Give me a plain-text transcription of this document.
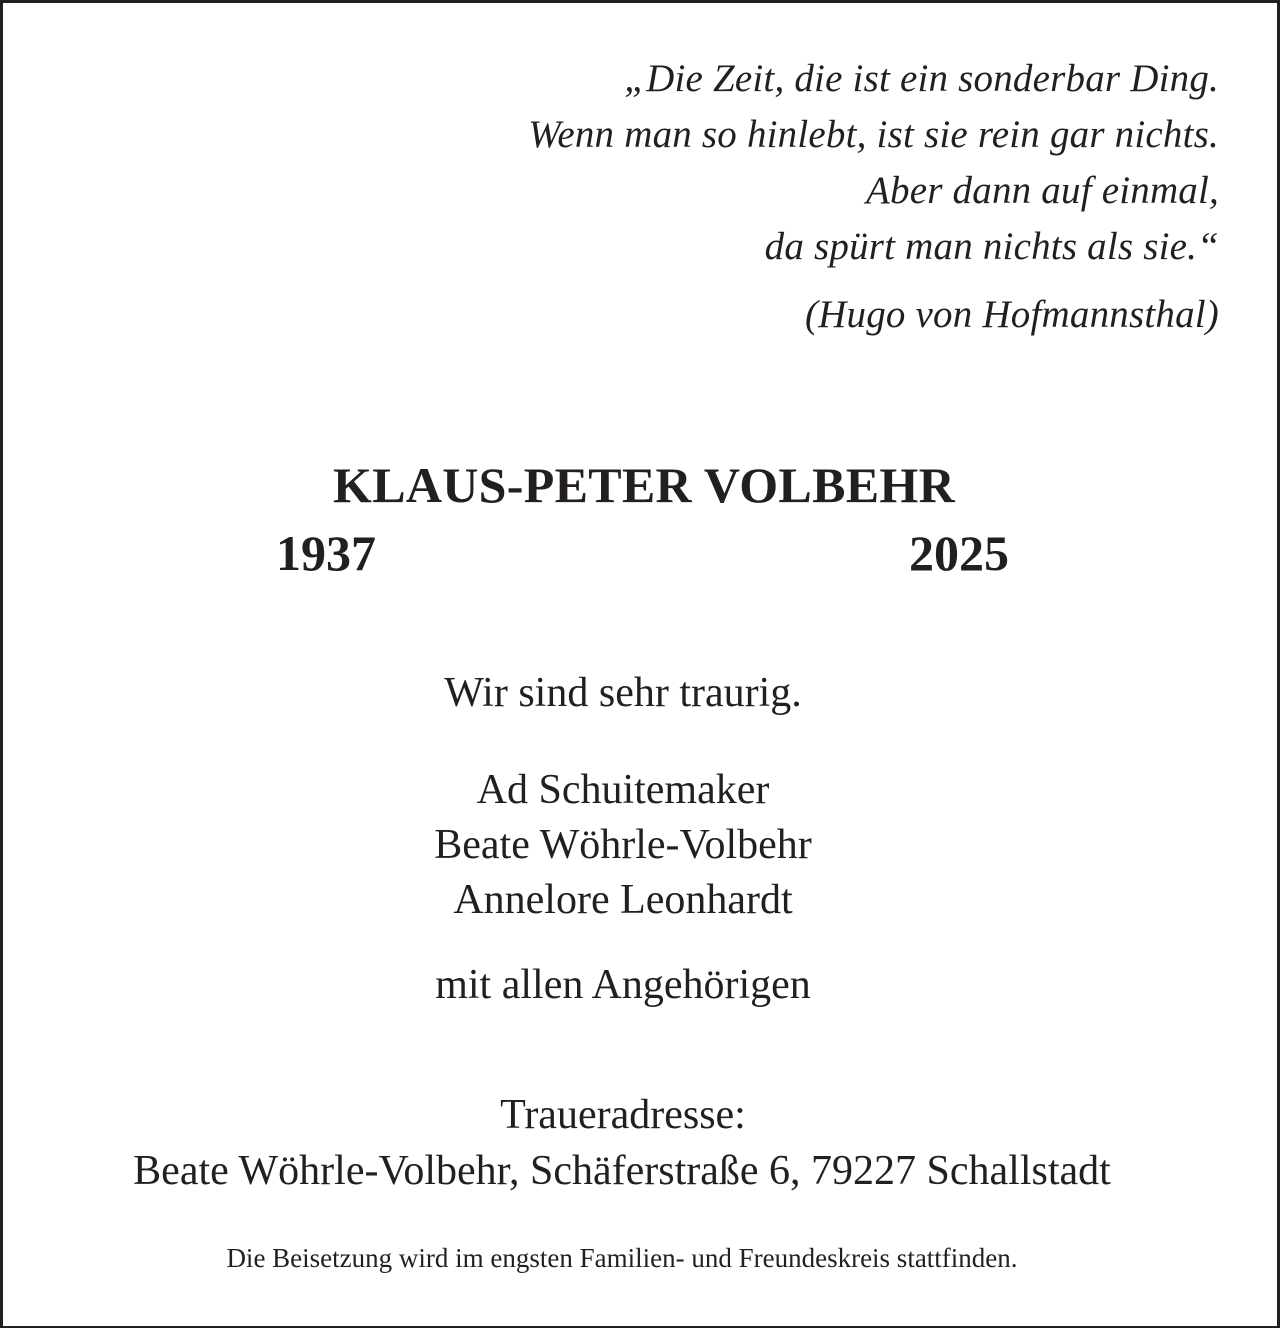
„Die Zeit, die ist ein sonderbar Ding.
Wenn man so hinlebt, ist sie rein gar nichts.
Aber dann auf einmal,
da spürt man nichts als sie.“
(Hugo von Hofmannsthal)
KLAUS-PETER VOLBEHR
1937	2025
Wir sind sehr traurig.
Ad Schuitemaker
Beate Wöhrle-Volbehr
Annelore Leonhardt
mit allen Angehörigen
Traueradresse:
Beate Wöhrle-Volbehr, Schäferstraße 6, 79227 Schallstadt
Die Beisetzung wird im engsten Familien- und Freundeskreis stattfinden.
